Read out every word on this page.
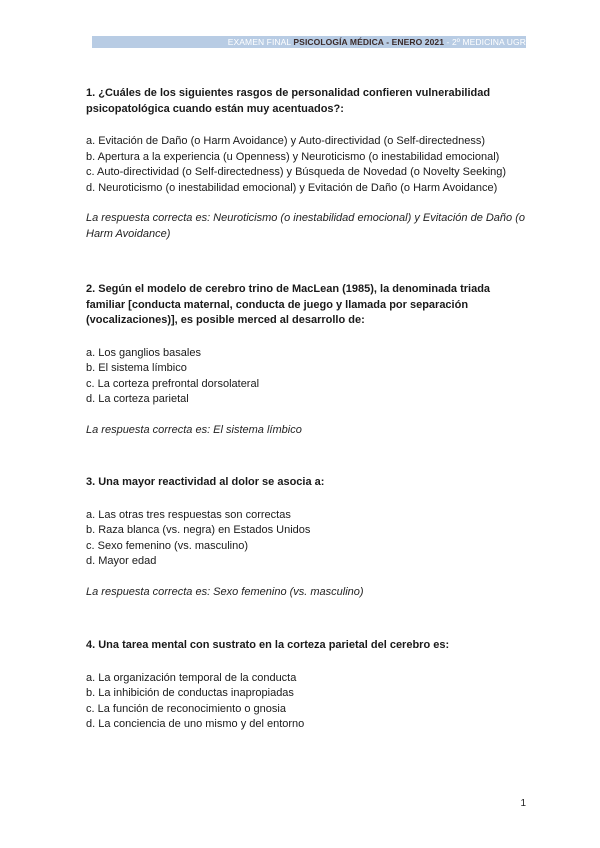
EXAMEN FINAL PSICOLOGÍA MÉDICA - ENERO 2021 - 2º MEDICINA UGR

1. ¿Cuáles de los siguientes rasgos de personalidad confieren vulnerabilidad psicopatológica cuando están muy acentuados?:

a. Evitación de Daño (o Harm Avoidance) y Auto-directividad (o Self-directedness)

b. Apertura a la experiencia (u Openness) y Neuroticismo (o inestabilidad emocional)

c. Auto-directividad (o Self-directedness) y Búsqueda de Novedad (o Novelty Seeking)

d. Neuroticismo (o inestabilidad emocional) y Evitación de Daño (o Harm Avoidance)

La respuesta correcta es: Neuroticismo (o inestabilidad emocional) y Evitación de Daño (o Harm Avoidance)

2. Según el modelo de cerebro trino de MacLean (1985), la denominada triada familiar [conducta maternal, conducta de juego y llamada por separación (vocalizaciones)], es posible merced al desarrollo de:

a. Los ganglios basales

b. El sistema límbico

c. La corteza prefrontal dorsolateral

d. La corteza parietal

La respuesta correcta es: El sistema límbico

3. Una mayor reactividad al dolor se asocia a:

a. Las otras tres respuestas son correctas

b. Raza blanca (vs. negra) en Estados Unidos

c. Sexo femenino (vs. masculino)

d. Mayor edad

La respuesta correcta es: Sexo femenino (vs. masculino)

4. Una tarea mental con sustrato en la corteza parietal del cerebro es:

a. La organización temporal de la conducta

b. La inhibición de conductas inapropiadas

c. La función de reconocimiento o gnosia

d. La conciencia de uno mismo y del entorno

1
